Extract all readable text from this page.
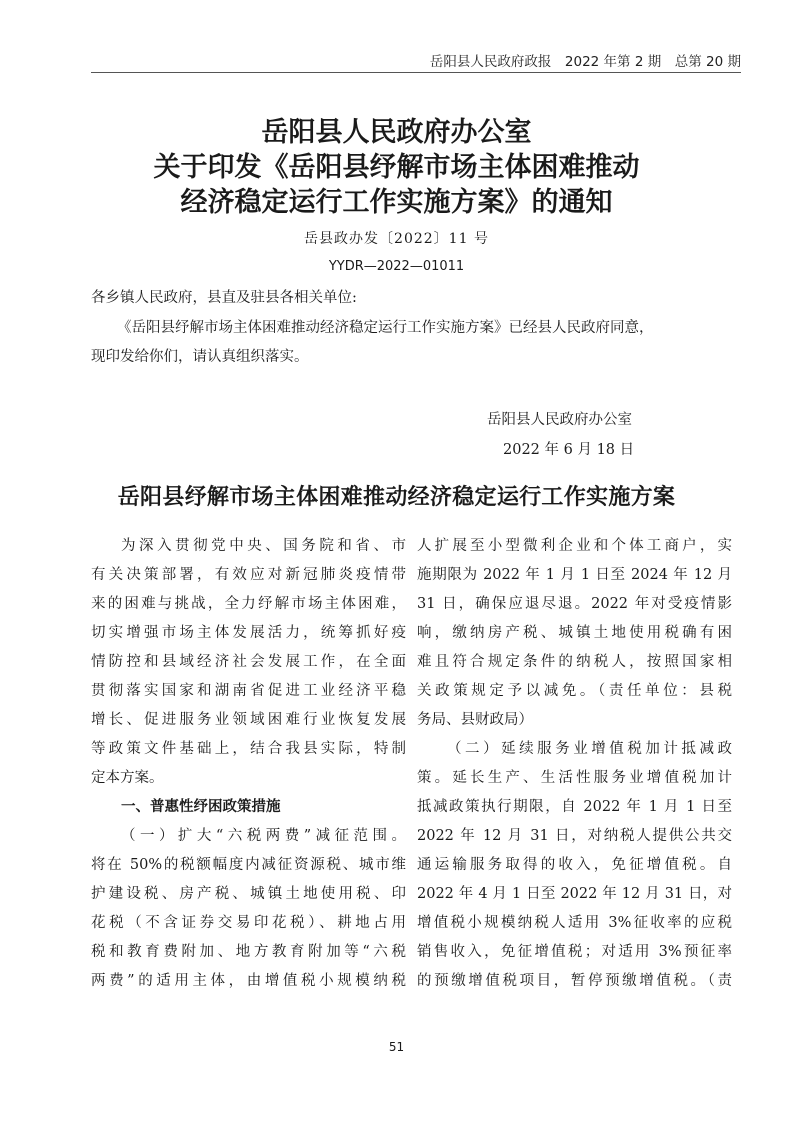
岳阳县人民政府政报　2022 年第 2 期　总第 20 期
岳阳县人民政府办公室
关于印发《岳阳县纾解市场主体困难推动
经济稳定运行工作实施方案》的通知
岳县政办发〔2022〕11 号
YYDR—2022—01011
各乡镇人民政府，县直及驻县各相关单位:
《岳阳县纾解市场主体困难推动经济稳定运行工作实施方案》已经县人民政府同意，
现印发给你们，请认真组织落实。
岳阳县人民政府办公室
2022 年 6 月 18 日
岳阳县纾解市场主体困难推动经济稳定运行工作实施方案
为深入贯彻党中央、国务院和省、市
有关决策部署，有效应对新冠肺炎疫情带
来的困难与挑战，全力纾解市场主体困难，
切实增强市场主体发展活力，统筹抓好疫
情防控和县域经济社会发展工作，在全面
贯彻落实国家和湖南省促进工业经济平稳
增长、促进服务业领域困难行业恢复发展
等政策文件基础上，结合我县实际，特制
定本方案。
一、普惠性纾困政策措施
（一）扩大“六税两费”减征范围。
将在 50%的税额幅度内减征资源税、城市维
护建设税、房产税、城镇土地使用税、印
花税（不含证券交易印花税）、耕地占用
税和教育费附加、地方教育附加等“六税
两费”的适用主体，由增值税小规模纳税
人扩展至小型微利企业和个体工商户，实
施期限为 2022 年 1 月 1 日至 2024 年 12 月
31 日，确保应退尽退。2022 年对受疫情影
响，缴纳房产税、城镇土地使用税确有困
难且符合规定条件的纳税人，按照国家相
关政策规定予以减免。（责任单位：县税
务局、县财政局）
（二）延续服务业增值税加计抵减政
策。延长生产、生活性服务业增值税加计
抵减政策执行期限，自 2022 年 1 月 1 日至
2022 年 12 月 31 日，对纳税人提供公共交
通运输服务取得的收入，免征增值税。自
2022 年 4 月 1 日至 2022 年 12 月 31 日，对
增值税小规模纳税人适用 3%征收率的应税
销售收入，免征增值税；对适用 3%预征率
的预缴增值税项目，暂停预缴增值税。（责
51
